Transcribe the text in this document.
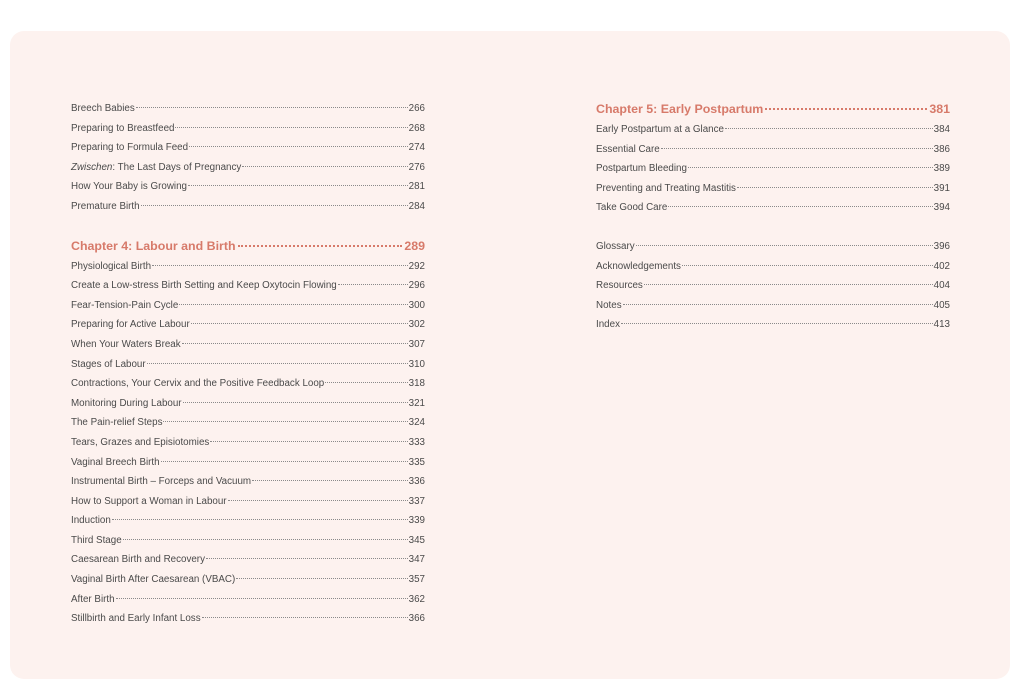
Breech Babies	266
Preparing to Breastfeed	268
Preparing to Formula Feed	274
Zwischen: The Last Days of Pregnancy	276
How Your Baby is Growing	281
Premature Birth	284
Chapter 4: Labour and Birth	289
Physiological Birth	292
Create a Low-stress Birth Setting and Keep Oxytocin Flowing	296
Fear-Tension-Pain Cycle	300
Preparing for Active Labour	302
When Your Waters Break	307
Stages of Labour	310
Contractions, Your Cervix and the Positive Feedback Loop	318
Monitoring During Labour	321
The Pain-relief Steps	324
Tears, Grazes and Episiotomies	333
Vaginal Breech Birth	335
Instrumental Birth – Forceps and Vacuum	336
How to Support a Woman in Labour	337
Induction	339
Third Stage	345
Caesarean Birth and Recovery	347
Vaginal Birth After Caesarean (VBAC)	357
After Birth	362
Stillbirth and Early Infant Loss	366
Chapter 5: Early Postpartum	381
Early Postpartum at a Glance	384
Essential Care	386
Postpartum Bleeding	389
Preventing and Treating Mastitis	391
Take Good Care	394
Glossary	396
Acknowledgements	402
Resources	404
Notes	405
Index	413
